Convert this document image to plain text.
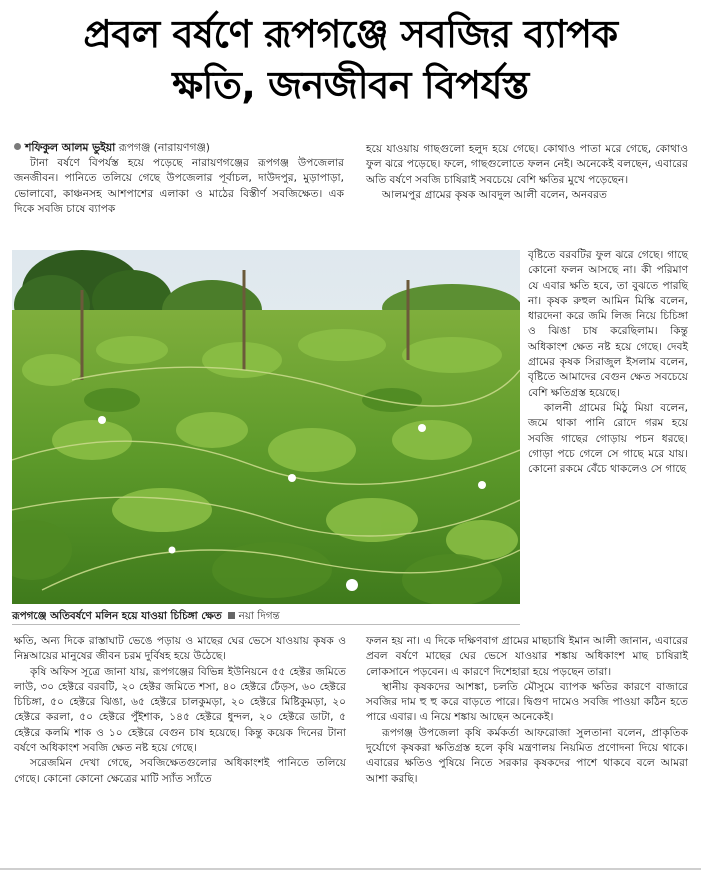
প্রবল বর্ষণে রূপগঞ্জে সবজির ব্যাপক
ক্ষতি, জনজীবন বিপর্যস্ত
শফিকুল আলম ভুইয়া রূপগঞ্জ (নারায়ণগঞ্জ)

টানা বর্ষণে বিপর্যস্ত হয়ে পড়েছে নারায়ণগঞ্জের রূপগঞ্জ উপজেলার জনজীবন। পানিতে তলিয়ে গেছে উপজেলার পূর্বাচল, দাউদপুর, মুড়াপাড়া, ভোলাবো, কাঞ্চনসহ আশপাশের এলাকা ও মাঠের বিস্তীর্ণ সবজিক্ষেত। এক দিকে সবজি চাষে ব্যাপক

হয়ে যাওয়ায় গাছগুলো হলুদ হয়ে গেছে। কোথাও পাতা মরে গেছে, কোথাও ফুল ঝরে পড়েছে। ফলে, গাছগুলোতে ফলন নেই। অনেকেই বলছেন, এবারের অতি বর্ষণে সবজি চাষিরাই সবচেয়ে বেশি ক্ষতির মুখে পড়েছেন।

আলমপুর গ্রামের কৃষক আবদুল আলী বলেন, অনবরত

বৃষ্টিতে বরবটির ফুল ঝরে গেছে। গাছে কোনো ফলন আসছে না। কী পরিমাণ যে এবার ক্ষতি হবে, তা বুঝতে পারছি না। কৃষক রুহুল আমিন মিস্কি বলেন, ধারদেনা করে জমি লিজ নিয়ে চিচিঙ্গা ও ঝিঙা চাষ করেছিলাম। কিন্তু অধিকাংশ ক্ষেত নষ্ট হয়ে গেছে। দেবই গ্রামের কৃষক সিরাজুল ইসলাম বলেন, বৃষ্টিতে আমাদের বেগুন ক্ষেত সবচেয়ে বেশি ক্ষতিগ্রস্ত হয়েছে।

কালনী গ্রামের মিঠু মিয়া বলেন, জমে থাকা পানি রোদে গরম হয়ে সবজি গাছের গোড়ায় পচন ধরছে। গোড়া পচে গেলে সে গাছে মরে যায়। কোনো রকমে বেঁচে থাকলেও সে গাছে

রূপগঞ্জে অতিবর্ষণে মলিন হয়ে যাওয়া চিচিঙ্গা ক্ষেত নয়া দিগন্ত

ক্ষতি, অন্য দিকে রাস্তাঘাট ভেঙে পড়ায় ও মাছের ঘের ভেসে যাওয়ায় কৃষক ও নিম্নআয়ের মানুষের জীবন চরম দুর্বিষহ হয়ে উঠেছে।

কৃষি অফিস সূত্রে জানা যায়, রূপগঞ্জের বিভিন্ন ইউনিয়নে ৫৫ হেক্টর জমিতে লাউ, ৩০ হেক্টরে বরবটি, ২০ হেক্টর জমিতে শসা, ৪০ হেক্টরে ঢেঁড়স, ৬০ হেক্টরে চিচিঙ্গা, ৫০ হেক্টরে ঝিঙা, ৬৫ হেক্টরে চালকুমড়া, ২০ হেক্টরে মিষ্টিকুমড়া, ২০ হেক্টরে করলা, ৫০ হেক্টরে পুঁইশাক, ১৪৫ হেক্টরে ধুন্দল, ২০ হেক্টরে ডাটা, ৫ হেক্টরে কলমি শাক ও ১০ হেক্টরে বেগুন চাষ হয়েছে। কিন্তু কয়েক দিনের টানা বর্ষণে অধিকাংশ সবজি ক্ষেত নষ্ট হয়ে গেছে।

সরেজমিন দেখা গেছে, সবজিক্ষেতগুলোর অধিকাংশই পানিতে তলিয়ে গেছে। কোনো কোনো ক্ষেত্রের মাটি স্যাঁত স্যাঁতে

ফলন হয় না। এ দিকে দক্ষিণবাগ গ্রামের মাছচাষি ইমান আলী জানান, এবারের প্রবল বর্ষণে মাছের ঘের ভেসে যাওয়ার শঙ্কায় অধিকাংশ মাছ চাষিরাই লোকসানে পড়বেন। এ কারণে দিশেহারা হয়ে পড়ছেন তারা।

স্থানীয় কৃষকদের আশঙ্কা, চলতি মৌসুমে ব্যাপক ক্ষতির কারণে বাজারে সবজির দাম হু হু করে বাড়তে পারে। দ্বিগুণ দামেও সবজি পাওয়া কঠিন হতে পারে এবার। এ নিয়ে শঙ্কায় আছেন অনেকেই।

রূপগঞ্জ উপজেলা কৃষি কর্মকর্তা আফরোজা সুলতানা বলেন, প্রাকৃতিক দুর্যোগে কৃষকরা ক্ষতিগ্রস্ত হলে কৃষি মন্ত্রণালয় নিয়মিত প্রণোদনা দিয়ে থাকে। এবারের ক্ষতিও পুষিয়ে নিতে সরকার কৃষকদের পাশে থাকবে বলে আমরা আশা করছি।
